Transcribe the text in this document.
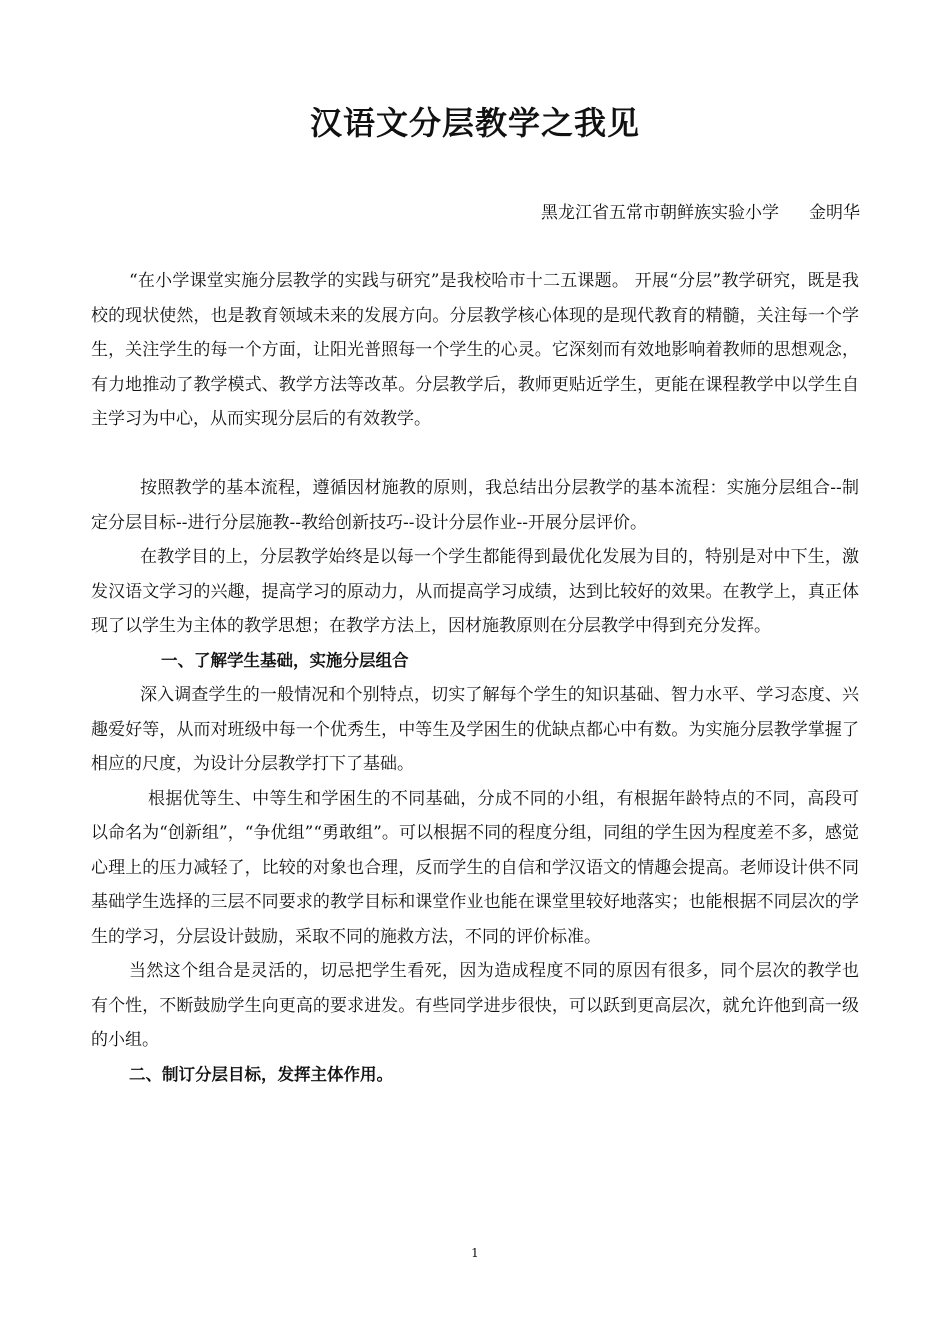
汉语文分层教学之我见
黑龙江省五常市朝鲜族实验小学 金明华

“在小学课堂实施分层教学的实践与研究”是我校哈市十二五课题。 开展“分层”教学研究，既是我校的现状使然，也是教育领域未来的发展方向。分层教学核心体现的是现代教育的精髓，关注每一个学生，关注学生的每一个方面，让阳光普照每一个学生的心灵。它深刻而有效地影响着教师的思想观念，有力地推动了教学模式、教学方法等改革。分层教学后，教师更贴近学生，更能在课程教学中以学生自主学习为中心，从而实现分层后的有效教学。

按照教学的基本流程，遵循因材施教的原则，我总结出分层教学的基本流程：实施分层组合--制定分层目标--进行分层施教--教给创新技巧--设计分层作业--开展分层评价。

在教学目的上，分层教学始终是以每一个学生都能得到最优化发展为目的，特别是对中下生，激发汉语文学习的兴趣，提高学习的原动力，从而提高学习成绩，达到比较好的效果。在教学上，真正体现了以学生为主体的教学思想；在教学方法上，因材施教原则在分层教学中得到充分发挥。

一、了解学生基础，实施分层组合

深入调查学生的一般情况和个别特点，切实了解每个学生的知识基础、智力水平、学习态度、兴趣爱好等，从而对班级中每一个优秀生，中等生及学困生的优缺点都心中有数。为实施分层教学掌握了相应的尺度，为设计分层教学打下了基础。

根据优等生、中等生和学困生的不同基础，分成不同的小组，有根据年龄特点的不同，高段可以命名为“创新组”，“争优组”“勇敢组”。可以根据不同的程度分组，同组的学生因为程度差不多，感觉心理上的压力减轻了，比较的对象也合理，反而学生的自信和学汉语文的情趣会提高。老师设计供不同基础学生选择的三层不同要求的教学目标和课堂作业也能在课堂里较好地落实；也能根据不同层次的学生的学习，分层设计鼓励，采取不同的施救方法，不同的评价标准。

当然这个组合是灵活的，切忌把学生看死，因为造成程度不同的原因有很多，同个层次的教学也有个性，不断鼓励学生向更高的要求进发。有些同学进步很快，可以跃到更高层次，就允许他到高一级的小组。

二、制订分层目标，发挥主体作用。

1
